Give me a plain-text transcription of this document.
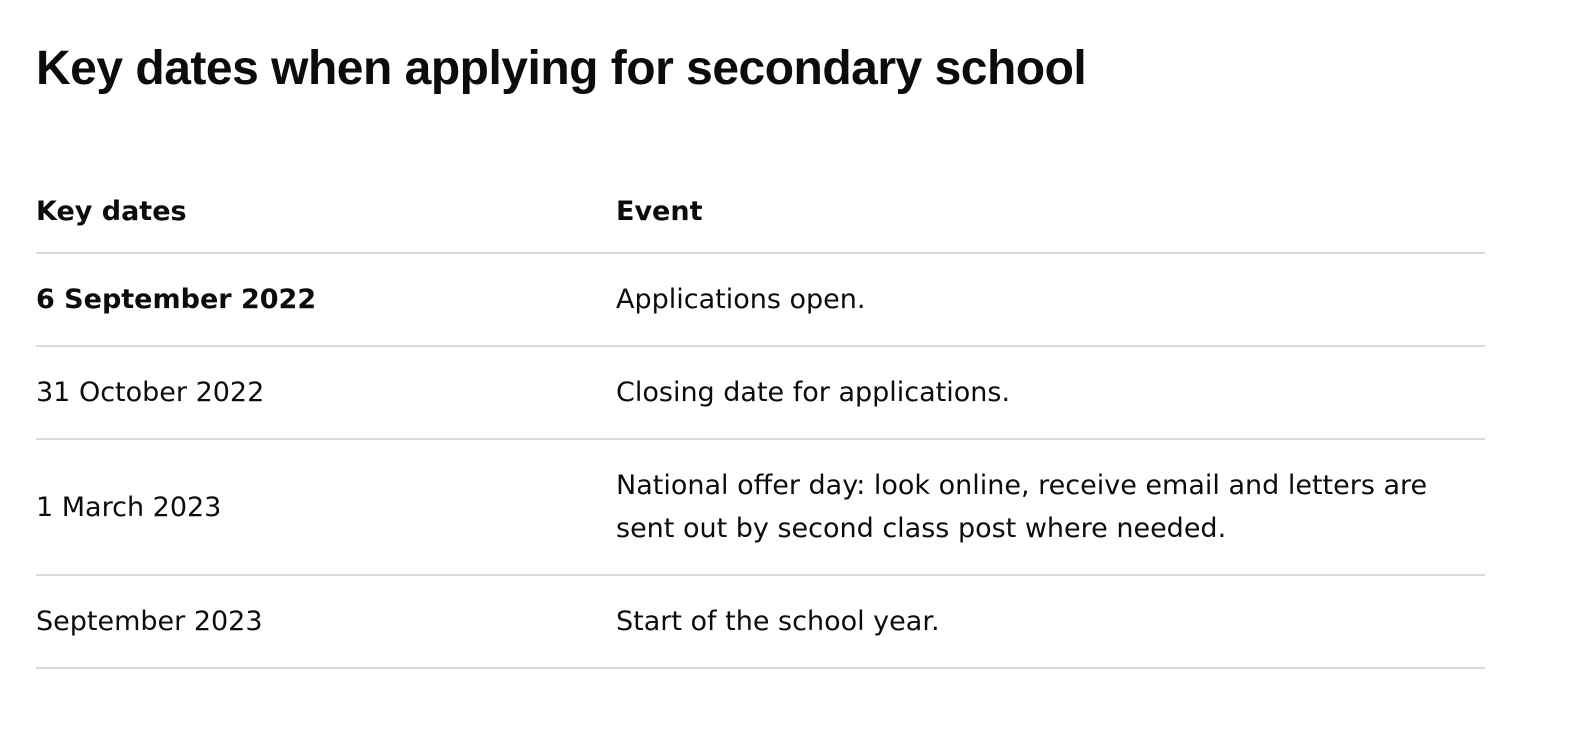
Key dates when applying for secondary school
Key dates	Event
6 September 2022	Applications open.
31 October 2022	Closing date for applications.
1 March 2023	National offer day: look online, receive email and letters are sent out by second class post where needed.
September 2023	Start of the school year.
